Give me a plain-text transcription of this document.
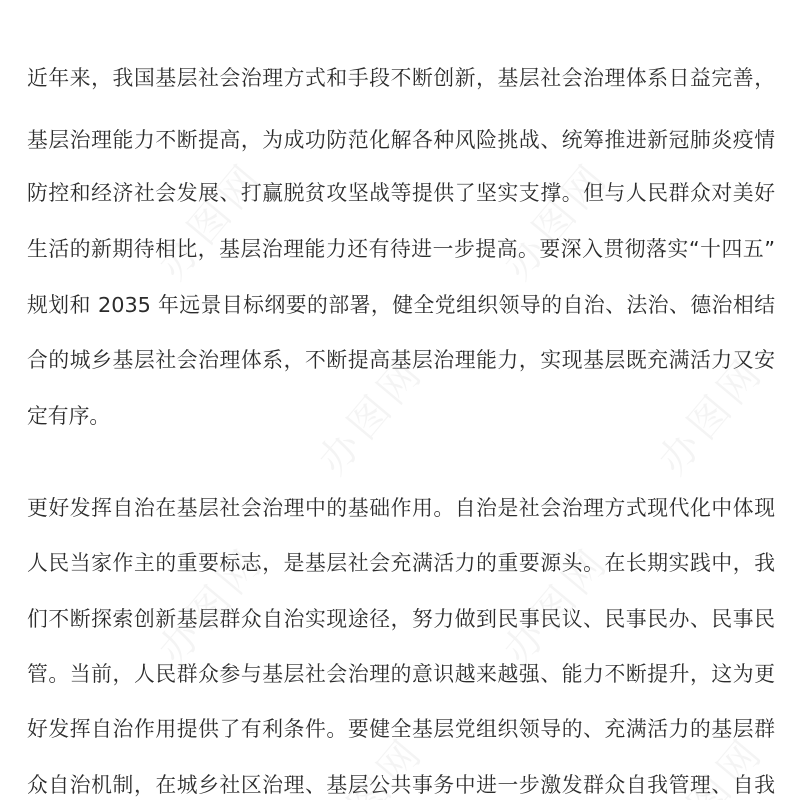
近年来，我国基层社会治理方式和手段不断创新，基层社会治理体系日益完善，
基层治理能力不断提高，为成功防范化解各种风险挑战、统筹推进新冠肺炎疫情
防控和经济社会发展、打赢脱贫攻坚战等提供了坚实支撑。但与人民群众对美好
生活的新期待相比，基层治理能力还有待进一步提高。要深入贯彻落实“十四五”
规划和 2035 年远景目标纲要的部署，健全党组织领导的自治、法治、德治相结
合的城乡基层社会治理体系，不断提高基层治理能力，实现基层既充满活力又安
定有序。
更好发挥自治在基层社会治理中的基础作用。自治是社会治理方式现代化中体现
人民当家作主的重要标志，是基层社会充满活力的重要源头。在长期实践中，我
们不断探索创新基层群众自治实现途径，努力做到民事民议、民事民办、民事民
管。当前，人民群众参与基层社会治理的意识越来越强、能力不断提升，这为更
好发挥自治作用提供了有利条件。要健全基层党组织领导的、充满活力的基层群
众自治机制，在城乡社区治理、基层公共事务中进一步激发群众自我管理、自我
